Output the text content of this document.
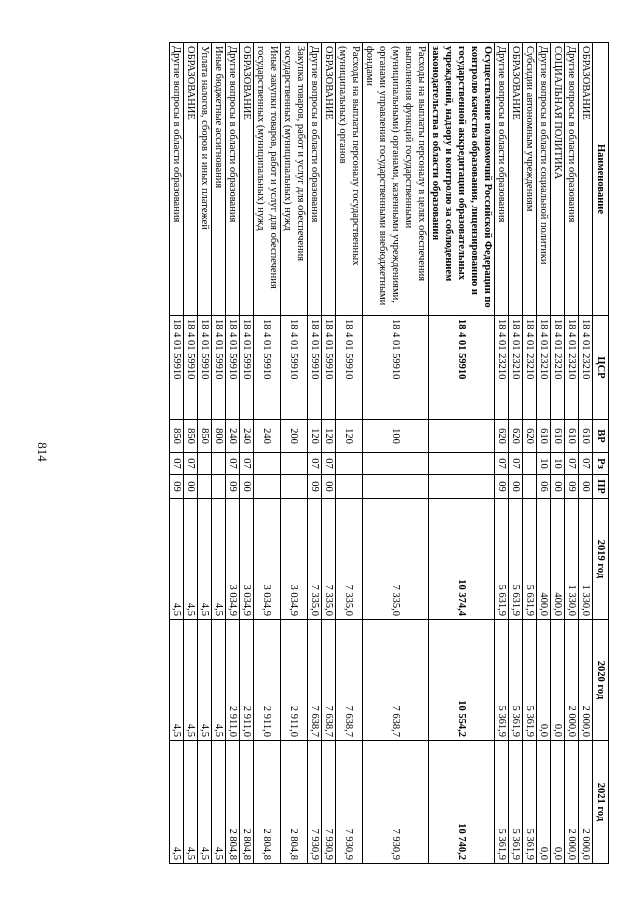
814
Наименование	ЦСР	ВР	Рз	ПР	2019 год	2020 год	2021 год
ОБРАЗОВАНИЕ	18 4 01 23210	610	07	00	1 330,0	2 000,0	2 000,0
Другие вопросы в области образования	18 4 01 23210	610	07	09	1 330,0	2 000,0	2 000,0
СОЦИАЛЬНАЯ ПОЛИТИКА	18 4 01 23210	610	10	00	400,0	0,0	0,0
Другие вопросы в области социальной политики	18 4 01 23210	610	10	06	400,0	0,0	0,0
Субсидии автономным учреждениям	18 4 01 23210	620			5 631,9	5 361,9	5 361,9
ОБРАЗОВАНИЕ	18 4 01 23210	620	07	00	5 631,9	5 361,9	5 361,9
Другие вопросы в области образования	18 4 01 23210	620	07	09	5 631,9	5 361,9	5 361,9
Осуществление полномочий Российской Федерации по контролю качества образования, лицензированию и государственной аккредитации образовательных учреждений, надзору и контролю за соблюдением законодательства в области образования	18 4 01 59910				10 374,4	10 554,2	10 740,2
Расходы на выплаты персоналу в целях обеспечения выполнения функций государственными (муниципальными) органами, казенными учреждениями, органами управления государственными внебюджетными фондами	18 4 01 59910	100			7 335,0	7 638,7	7 930,9
Расходы на выплаты персоналу государственных (муниципальных) органов	18 4 01 59910	120			7 335,0	7 638,7	7 930,9
ОБРАЗОВАНИЕ	18 4 01 59910	120	07	00	7 335,0	7 638,7	7 930,9
Другие вопросы в области образования	18 4 01 59910	120	07	09	7 335,0	7 638,7	7 930,9
Закупка товаров, работ и услуг для обеспечения государственных (муниципальных) нужд	18 4 01 59910	200			3 034,9	2 911,0	2 804,8
Иные закупки товаров, работ и услуг для обеспечения государственных (муниципальных) нужд	18 4 01 59910	240			3 034,9	2 911,0	2 804,8
ОБРАЗОВАНИЕ	18 4 01 59910	240	07	00	3 034,9	2 911,0	2 804,8
Другие вопросы в области образования	18 4 01 59910	240	07	09	3 034,9	2 911,0	2 804,8
Иные бюджетные ассигнования	18 4 01 59910	800			4,5	4,5	4,5
Уплата налогов, сборов и иных платежей	18 4 01 59910	850			4,5	4,5	4,5
ОБРАЗОВАНИЕ	18 4 01 59910	850	07	00	4,5	4,5	4,5
Другие вопросы в области образования	18 4 01 59910	850	07	09	4,5	4,5	4,5
